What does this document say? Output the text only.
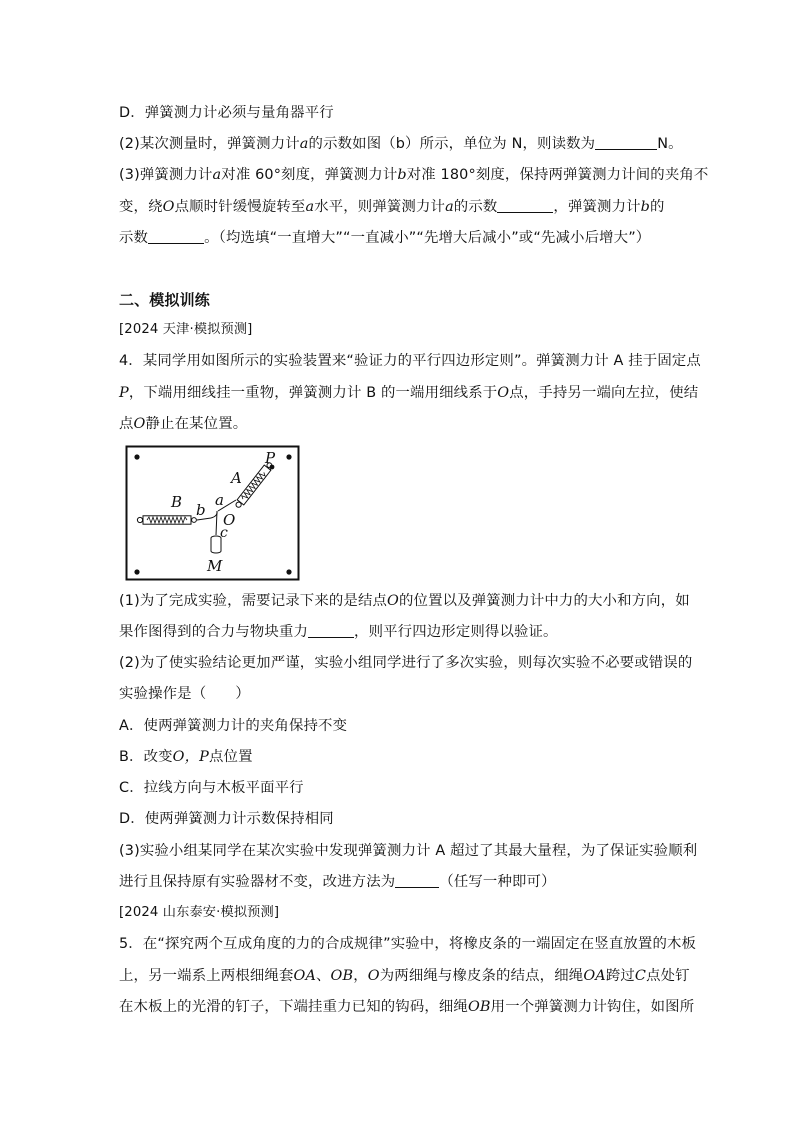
D．弹簧测力计必须与量角器平行
(2)某次测量时，弹簧测力计a的示数如图（b）所示，单位为 N，则读数为	N。
(3)弹簧测力计a对准 60°刻度，弹簧测力计b对准 180°刻度，保持两弹簧测力计间的夹角不
变，绕O点顺时针缓慢旋转至a水平，则弹簧测力计a的示数	，弹簧测力计b的
示数	。（均选填“一直增大”“一直减小”“先增大后减小”或“先减小后增大”）
二、模拟训练
[2024 天津·模拟预测]
4．某同学用如图所示的实验装置来“验证力的平行四边形定则”。弹簧测力计 A 挂于固定点
P，下端用细线挂一重物，弹簧测力计 B 的一端用细线系于O点，手持另一端向左拉，使结
点O静止在某位置。
P
A
a
B b
O
c
M
(1)为了完成实验，需要记录下来的是结点O的位置以及弹簧测力计中力的大小和方向，如
果作图得到的合力与物块重力	，则平行四边形定则得以验证。
(2)为了使实验结论更加严谨，实验小组同学进行了多次实验，则每次实验不必要或错误的
实验操作是（　　）
A．使两弹簧测力计的夹角保持不变
B．改变O，P点位置
C．拉线方向与木板平面平行
D．使两弹簧测力计示数保持相同
(3)实验小组某同学在某次实验中发现弹簧测力计 A 超过了其最大量程，为了保证实验顺利
进行且保持原有实验器材不变，改进方法为	（任写一种即可）
[2024 山东泰安·模拟预测]
5．在“探究两个互成角度的力的合成规律”实验中，将橡皮条的一端固定在竖直放置的木板
上，另一端系上两根细绳套OA、OB，O为两细绳与橡皮条的结点，细绳OA跨过C点处钉
在木板上的光滑的钉子，下端挂重力已知的钩码，细绳OB用一个弹簧测力计钩住，如图所
